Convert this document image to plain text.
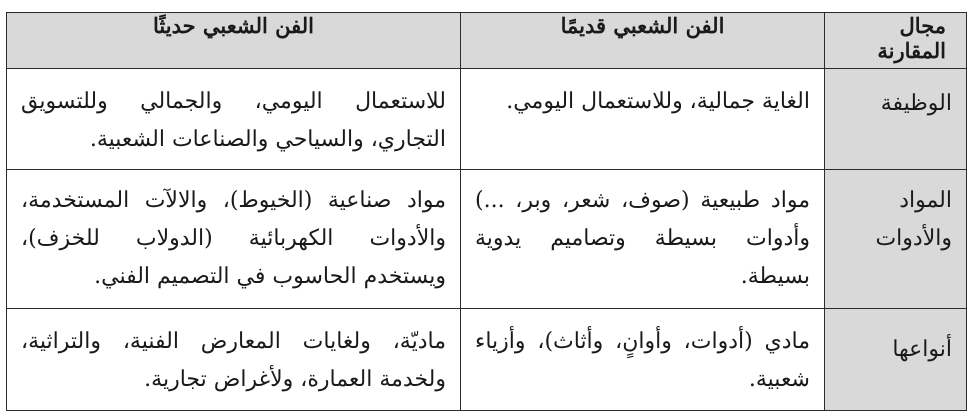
مجال المقارنة	الفن الشعبي قديمًا	الفن الشعبي حديثًا
الوظيفة	الغاية جمالية، وللاستعمال اليومي.	للاستعمال اليومي، والجمالي وللتسويق التجاري، والسياحي والصناعات الشعبية.
المواد والأدوات	مواد طبيعية (صوف، شعر، وبر، ...) وأدوات بسيطة وتصاميم يدوية بسيطة.	مواد صناعية (الخيوط)، والالآت المستخدمة، والأدوات الكهربائية (الدولاب للخزف)، ويستخدم الحاسوب في التصميم الفني.
أنواعها	مادي (أدوات، وأوانٍ، وأثاث)، وأزياء شعبية.	ماديّة، ولغايات المعارض الفنية، والتراثية، ولخدمة العمارة، ولأغراض تجارية.
